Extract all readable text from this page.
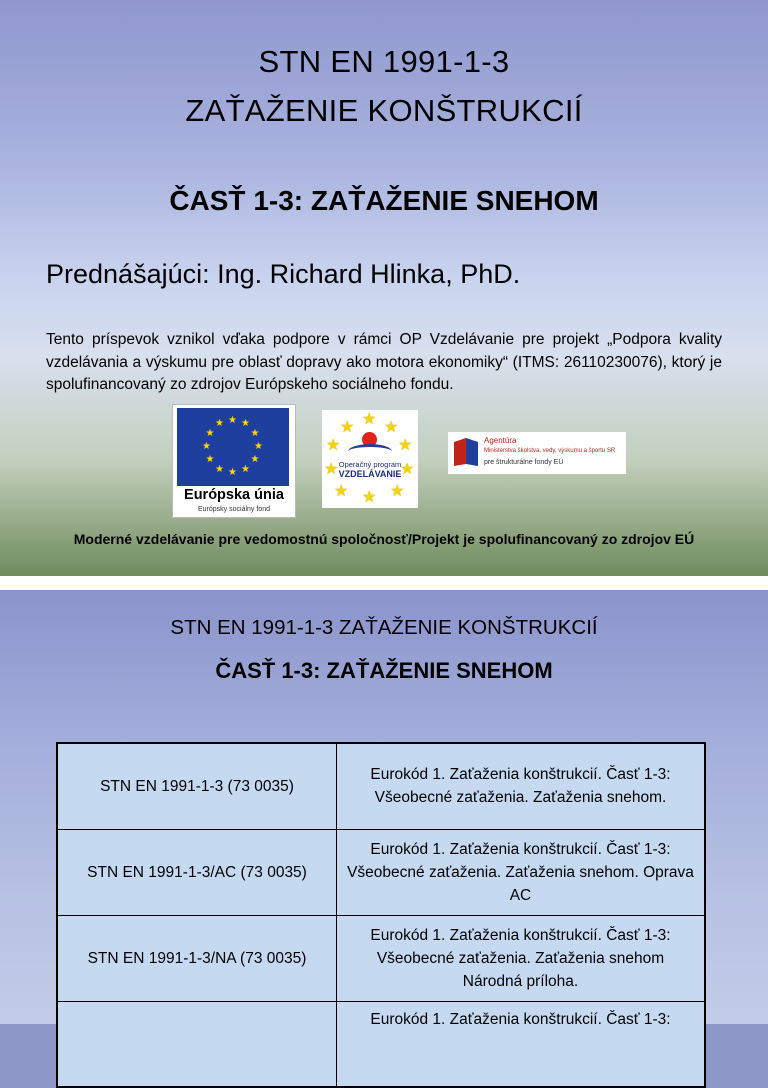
STN EN 1991-1-3
ZAŤAŽENIE KONŠTRUKCIÍ
ČASŤ 1-3: ZAŤAŽENIE SNEHOM
Prednášajúci: Ing. Richard Hlinka, PhD.
Tento príspevok vznikol vďaka podpore v rámci OP Vzdelávanie pre projekt „Podpora kvality vzdelávania a výskumu pre oblasť dopravy ako motora ekonomiky“ (ITMS: 26110230076), ktorý je spolufinancovaný zo zdrojov Európskeho sociálneho fondu.
★ ★
★
★
★
★
★
★
★
★
★
★
Európska únia
Európsky sociálny fond
Operačný program
VZDELÁVANIE
★
★ ★
★	★
★	★
★	★
★
Agentúra
Ministerstva školstva, vedy, výskumu a športu SR
pre štrukturálne fondy EÚ
Moderné vzdelávanie pre vedomostnú spoločnosť/Projekt je spolufinancovaný zo zdrojov EÚ
STN EN 1991-1-3 ZAŤAŽENIE KONŠTRUKCIÍ
ČASŤ 1-3: ZAŤAŽENIE SNEHOM
STN EN 1991-1-3 (73 0035)	Eurokód 1. Zaťaženia konštrukcií. Časť 1-3: Všeobecné zaťaženia. Zaťaženia snehom.
STN EN 1991-1-3/AC (73 0035)	Eurokód 1. Zaťaženia konštrukcií. Časť 1-3: Všeobecné zaťaženia. Zaťaženia snehom. Oprava AC
STN EN 1991-1-3/NA (73 0035)	Eurokód 1. Zaťaženia konštrukcií. Časť 1-3: Všeobecné zaťaženia. Zaťaženia snehom Národná príloha.
	Eurokód 1. Zaťaženia konštrukcií. Časť 1-3:
